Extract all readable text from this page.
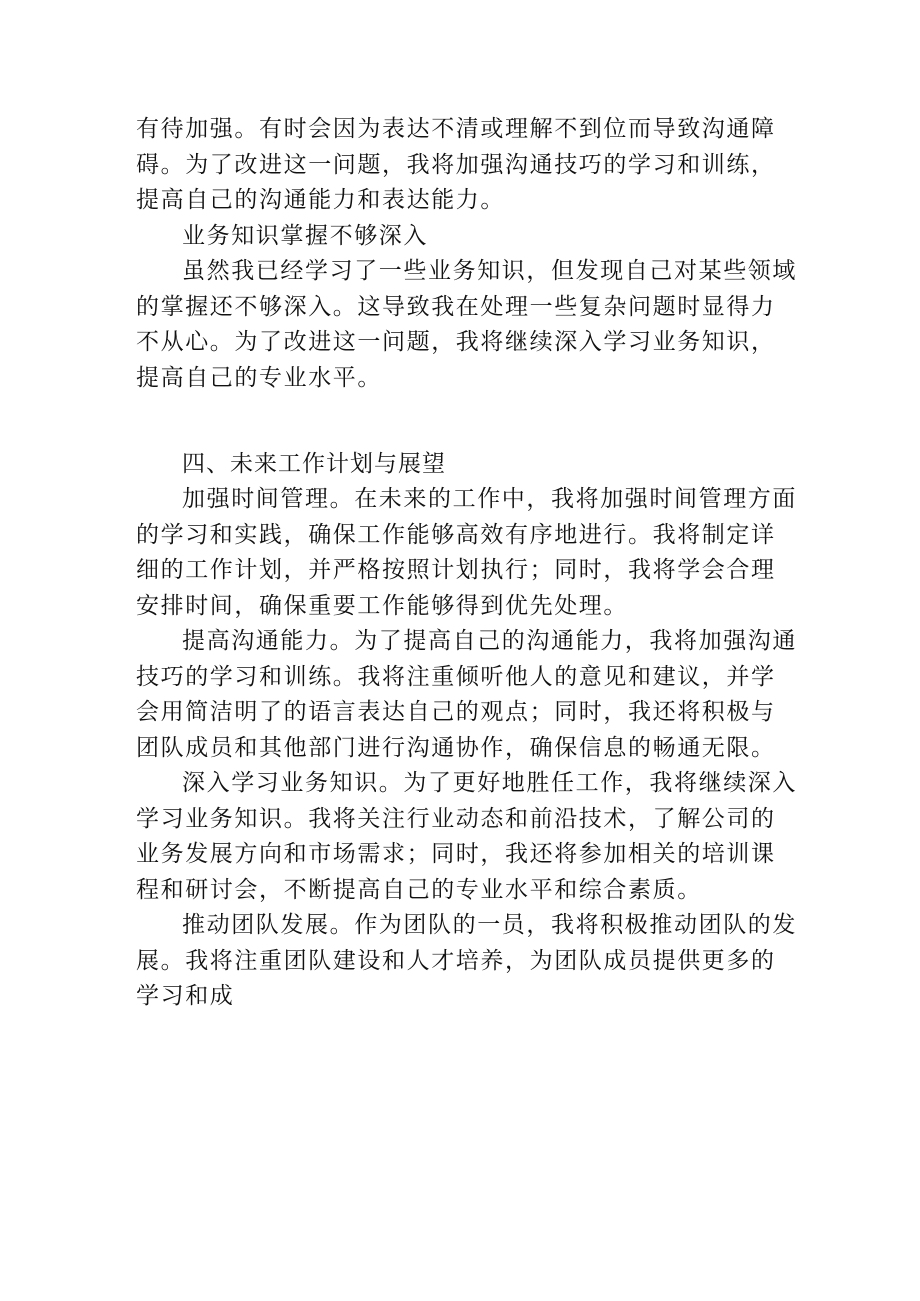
有待加强。有时会因为表达不清或理解不到位而导致沟通障碍。为了改进这一问题，我将加强沟通技巧的学习和训练，提高自己的沟通能力和表达能力。

业务知识掌握不够深入

虽然我已经学习了一些业务知识，但发现自己对某些领域的掌握还不够深入。这导致我在处理一些复杂问题时显得力不从心。为了改进这一问题，我将继续深入学习业务知识，提高自己的专业水平。

四、未来工作计划与展望

加强时间管理。在未来的工作中，我将加强时间管理方面的学习和实践，确保工作能够高效有序地进行。我将制定详细的工作计划，并严格按照计划执行；同时，我将学会合理安排时间，确保重要工作能够得到优先处理。

提高沟通能力。为了提高自己的沟通能力，我将加强沟通技巧的学习和训练。我将注重倾听他人的意见和建议，并学会用简洁明了的语言表达自己的观点；同时，我还将积极与团队成员和其他部门进行沟通协作，确保信息的畅通无限。

深入学习业务知识。为了更好地胜任工作，我将继续深入学习业务知识。我将关注行业动态和前沿技术，了解公司的业务发展方向和市场需求；同时，我还将参加相关的培训课程和研讨会，不断提高自己的专业水平和综合素质。

推动团队发展。作为团队的一员，我将积极推动团队的发展。我将注重团队建设和人才培养，为团队成员提供更多的学习和成
